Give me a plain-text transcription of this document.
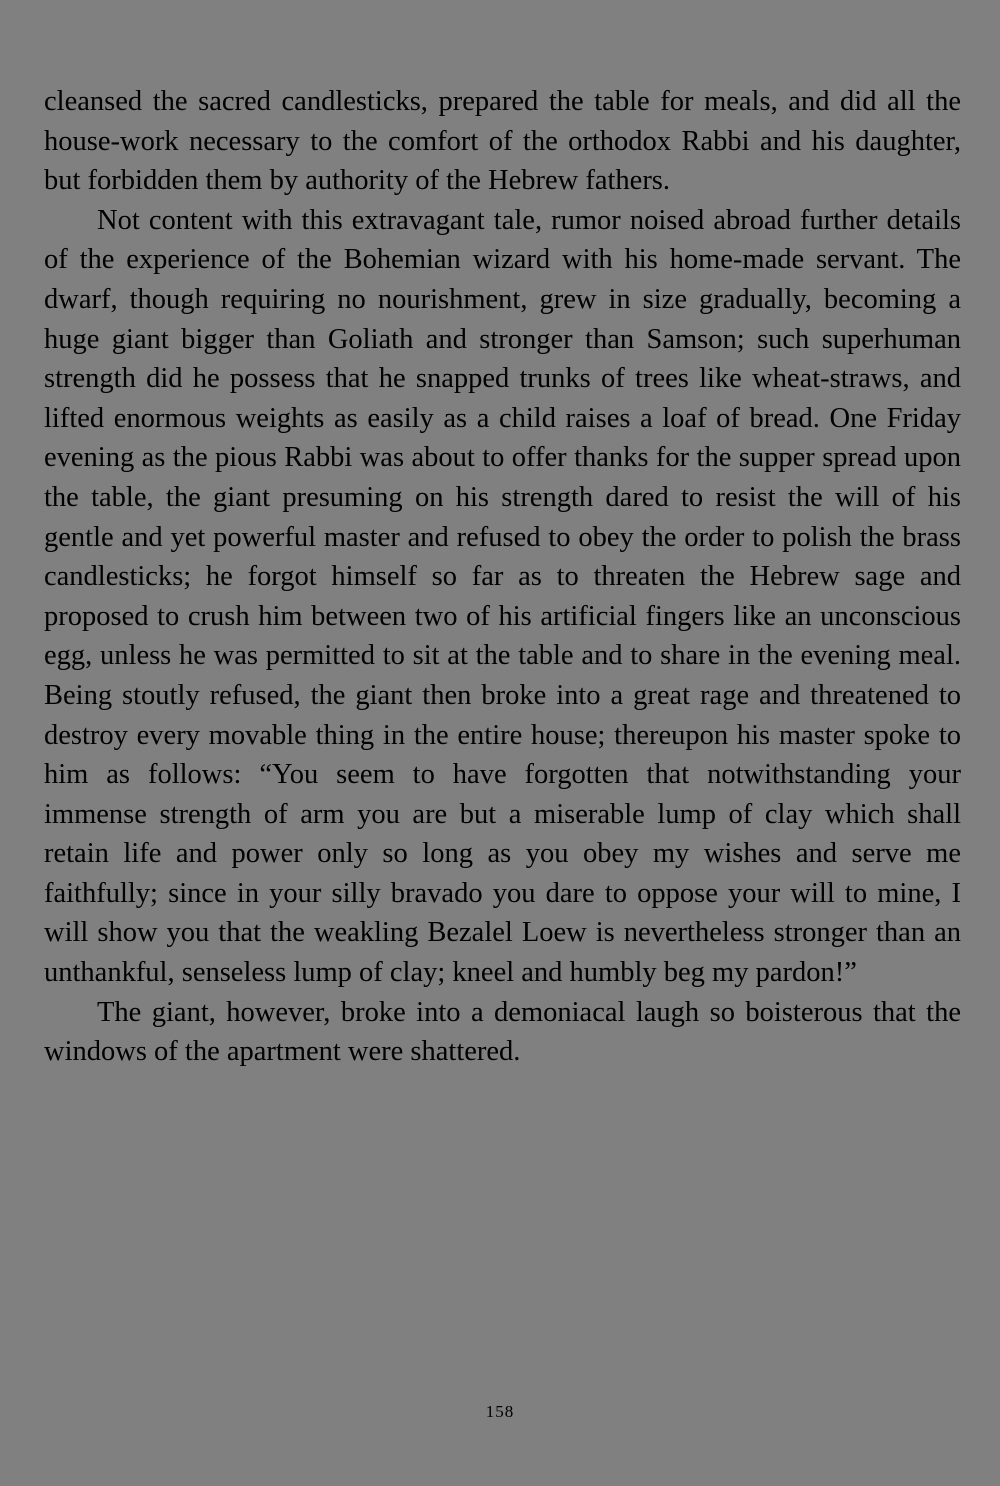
cleansed the sacred candlesticks, prepared the table for meals, and did all the house-work necessary to the comfort of the orthodox Rabbi and his daughter, but forbidden them by authority of the Hebrew fathers.

Not content with this extravagant tale, rumor noised abroad further details of the experience of the Bohemian wizard with his home-made servant. The dwarf, though requiring no nourishment, grew in size gradually, becoming a huge giant bigger than Goliath and stronger than Samson; such superhuman strength did he possess that he snapped trunks of trees like wheat-straws, and lifted enormous weights as easily as a child raises a loaf of bread. One Friday evening as the pious Rabbi was about to offer thanks for the supper spread upon the table, the giant presuming on his strength dared to resist the will of his gentle and yet powerful master and refused to obey the order to polish the brass candlesticks; he forgot himself so far as to threaten the Hebrew sage and proposed to crush him between two of his artificial fingers like an unconscious egg, unless he was permitted to sit at the table and to share in the evening meal. Being stoutly refused, the giant then broke into a great rage and threatened to destroy every movable thing in the entire house; thereupon his master spoke to him as follows: “You seem to have forgotten that notwithstanding your immense strength of arm you are but a miserable lump of clay which shall retain life and power only so long as you obey my wishes and serve me faithfully; since in your silly bravado you dare to oppose your will to mine, I will show you that the weakling Bezalel Loew is nevertheless stronger than an unthankful, senseless lump of clay; kneel and humbly beg my pardon!”

The giant, however, broke into a demoniacal laugh so boisterous that the windows of the apartment were shattered.

158
